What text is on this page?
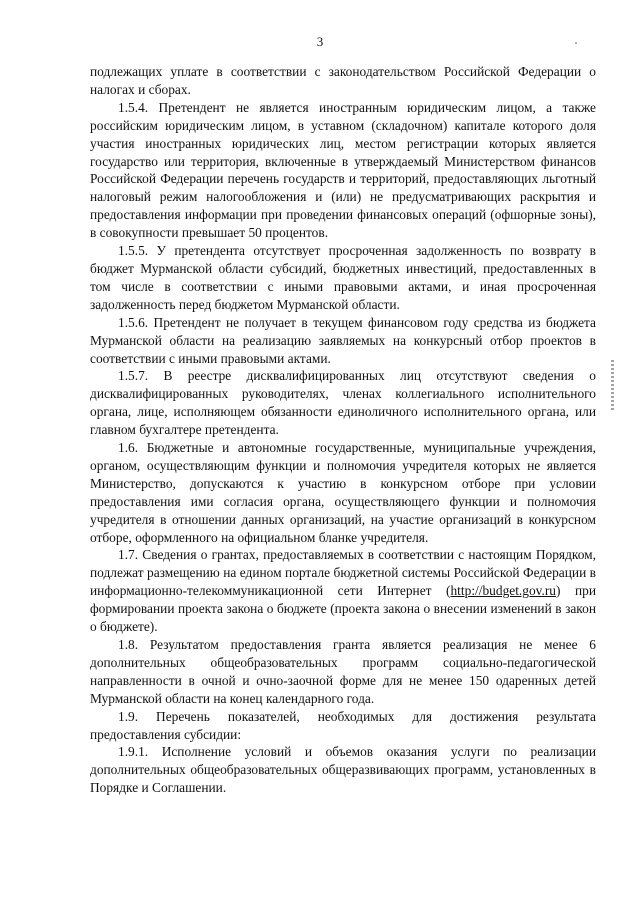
3

подлежащих уплате в соответствии с законодательством Российской Федерации о налогах и сборах.

1.5.4. Претендент не является иностранным юридическим лицом, а также российским юридическим лицом, в уставном (складочном) капитале которого доля участия иностранных юридических лиц, местом регистрации которых является государство или территория, включенные в утверждаемый Министерством финансов Российской Федерации перечень государств и территорий, предоставляющих льготный налоговый режим налогообложения и (или) не предусматривающих раскрытия и предоставления информации при проведении финансовых операций (офшорные зоны), в совокупности превышает 50 процентов.

1.5.5. У претендента отсутствует просроченная задолженность по возврату в бюджет Мурманской области субсидий, бюджетных инвестиций, предоставленных в том числе в соответствии с иными правовыми актами, и иная просроченная задолженность перед бюджетом Мурманской области.

1.5.6. Претендент не получает в текущем финансовом году средства из бюджета Мурманской области на реализацию заявляемых на конкурсный отбор проектов в соответствии с иными правовыми актами.

1.5.7. В реестре дисквалифицированных лиц отсутствуют сведения о дисквалифицированных руководителях, членах коллегиального исполнительного органа, лице, исполняющем обязанности единоличного исполнительного органа, или главном бухгалтере претендента.

1.6. Бюджетные и автономные государственные, муниципальные учреждения, органом, осуществляющим функции и полномочия учредителя которых не является Министерство, допускаются к участию в конкурсном отборе при условии предоставления ими согласия органа, осуществляющего функции и полномочия учредителя в отношении данных организаций, на участие организаций в конкурсном отборе, оформленного на официальном бланке учредителя.

1.7. Сведения о грантах, предоставляемых в соответствии с настоящим Порядком, подлежат размещению на едином портале бюджетной системы Российской Федерации в информационно-телекоммуникационной сети Интернет (http://budget.gov.ru) при формировании проекта закона о бюджете (проекта закона о внесении изменений в закон о бюджете).

1.8. Результатом предоставления гранта является реализация не менее 6 дополнительных общеобразовательных программ социально-педагогической направленности в очной и очно-заочной форме для не менее 150 одаренных детей Мурманской области на конец календарного года.

1.9. Перечень показателей, необходимых для достижения результата предоставления субсидии:

1.9.1. Исполнение условий и объемов оказания услуги по реализации дополнительных общеобразовательных общеразвивающих программ, установленных в Порядке и Соглашении.
